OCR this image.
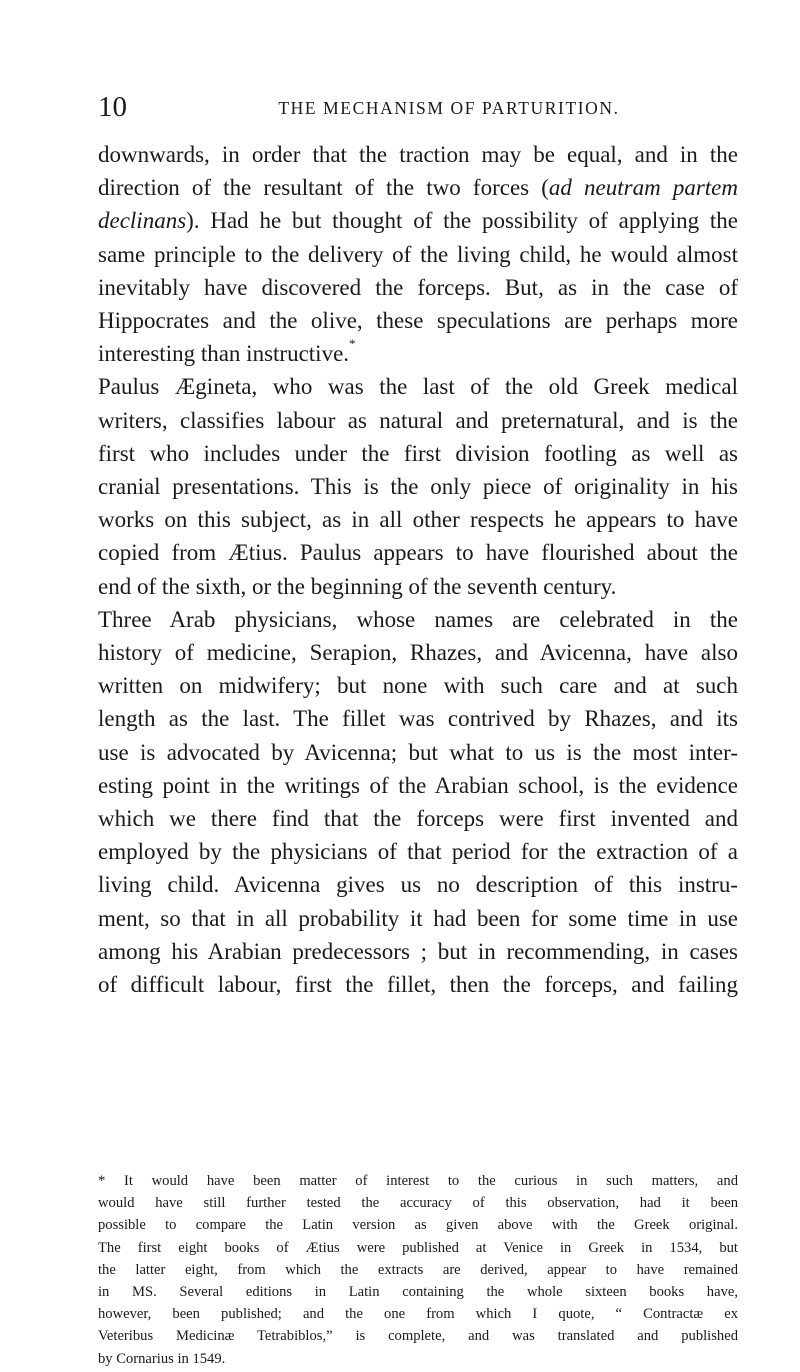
10	THE MECHANISM OF PARTURITION.
downwards, in order that the traction may be equal, and in the
direction of the resultant of the two forces (ad neutram partem
declinans). Had he but thought of the possibility of applying the
same principle to the delivery of the living child, he would almost
inevitably have discovered the forceps. But, as in the case of
Hippocrates and the olive, these speculations are perhaps more
interesting than instructive.*
Paulus Ægineta, who was the last of the old Greek medical
writers, classifies labour as natural and preternatural, and is the
first who includes under the first division footling as well as
cranial presentations. This is the only piece of originality in his
works on this subject, as in all other respects he appears to have
copied from Ætius. Paulus appears to have flourished about the
end of the sixth, or the beginning of the seventh century.
Three Arab physicians, whose names are celebrated in the
history of medicine, Serapion, Rhazes, and Avicenna, have also
written on midwifery; but none with such care and at such
length as the last. The fillet was contrived by Rhazes, and its
use is advocated by Avicenna; but what to us is the most inter-
esting point in the writings of the Arabian school, is the evidence
which we there find that the forceps were first invented and
employed by the physicians of that period for the extraction of a
living child. Avicenna gives us no description of this instru-
ment, so that in all probability it had been for some time in use
among his Arabian predecessors ; but in recommending, in cases
of difficult labour, first the fillet, then the forceps, and failing
* It would have been matter of interest to the curious in such matters, and
would have still further tested the accuracy of this observation, had it been
possible to compare the Latin version as given above with the Greek original.
The first eight books of Ætius were published at Venice in Greek in 1534, but
the latter eight, from which the extracts are derived, appear to have remained
in MS. Several editions in Latin containing the whole sixteen books have,
however, been published; and the one from which I quote, “ Contractæ ex
Veteribus Medicinæ Tetrabiblos,” is complete, and was translated and published
by Cornarius in 1549.
